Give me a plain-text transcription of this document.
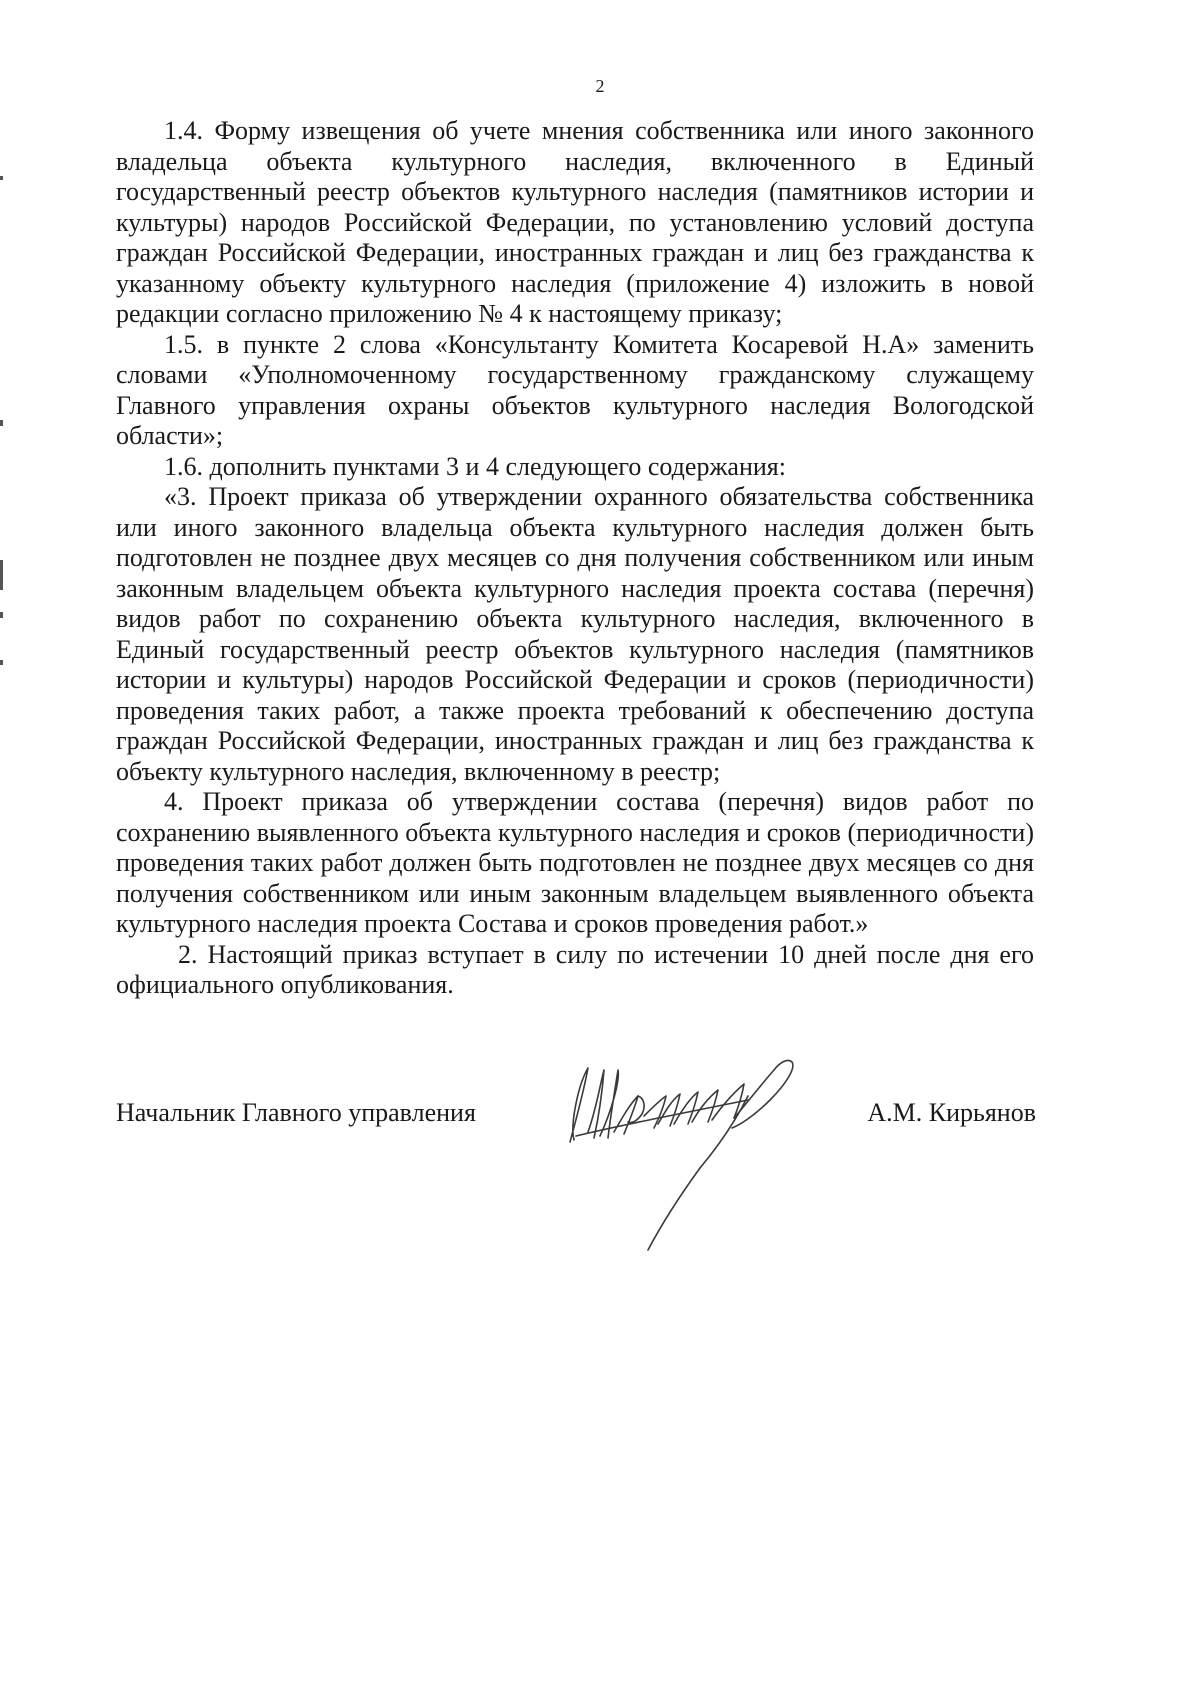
2

1.4. Форму извещения об учете мнения собственника или иного законного владельца объекта культурного наследия, включенного в Единый государственный реестр объектов культурного наследия (памятников истории и культуры) народов Российской Федерации, по установлению условий доступа граждан Российской Федерации, иностранных граждан и лиц без гражданства к указанному объекту культурного наследия (приложение 4) изложить в новой редакции согласно приложению № 4 к настоящему приказу;

1.5. в пункте 2 слова «Консультанту Комитета Косаревой Н.А» заменить словами «Уполномоченному государственному гражданскому служащему Главного управления охраны объектов культурного наследия Вологодской области»;

1.6. дополнить пунктами 3 и 4 следующего содержания:

«3. Проект приказа об утверждении охранного обязательства собственника или иного законного владельца объекта культурного наследия должен быть подготовлен не позднее двух месяцев со дня получения собственником или иным законным владельцем объекта культурного наследия проекта состава (перечня) видов работ по сохранению объекта культурного наследия, включенного в Единый государственный реестр объектов культурного наследия (памятников истории и культуры) народов Российской Федерации и сроков (периодичности) проведения таких работ, а также проекта требований к обеспечению доступа граждан Российской Федерации, иностранных граждан и лиц без гражданства к объекту культурного наследия, включенному в реестр;

4. Проект приказа об утверждении состава (перечня) видов работ по сохранению выявленного объекта культурного наследия и сроков (периодичности) проведения таких работ должен быть подготовлен не позднее двух месяцев со дня получения собственником или иным законным владельцем выявленного объекта культурного наследия проекта Состава и сроков проведения работ.»

2. Настоящий приказ вступает в силу по истечении 10 дней после дня его официального опубликования.

Начальник Главного управления	А.М. Кирьянов
